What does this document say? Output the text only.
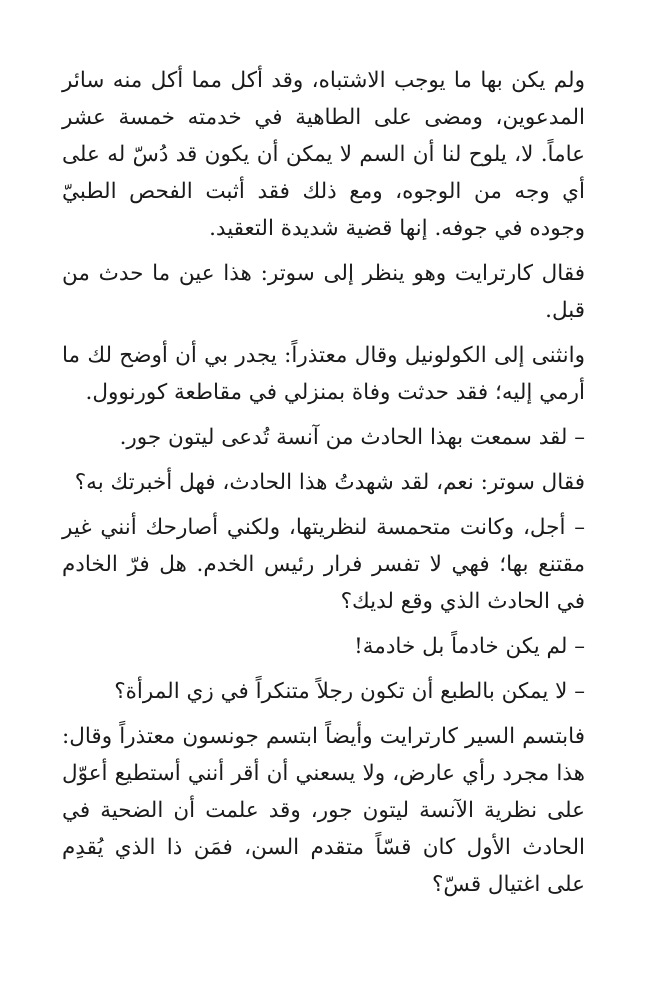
ولم يكن بها ما يوجب الاشتباه، وقد أكل مما أكل منه سائر المدعوين، ومضى على الطاهية في خدمته خمسة عشر عاماً. لا، يلوح لنا أن السم لا يمكن أن يكون قد دُسّ له على أي وجه من الوجوه، ومع ذلك فقد أثبت الفحص الطبيّ وجوده في جوفه. إنها قضية شديدة التعقيد.

فقال كارترايت وهو ينظر إلى سوتر: هذا عين ما حدث من قبل.

وانثنى إلى الكولونيل وقال معتذراً: يجدر بي أن أوضح لك ما أرمي إليه؛ فقد حدثت وفاة بمنزلي في مقاطعة كورنوول.

– لقد سمعت بهذا الحادث من آنسة تُدعى ليتون جور.

فقال سوتر: نعم، لقد شهدتُ هذا الحادث، فهل أخبرتك به؟

– أجل، وكانت متحمسة لنظريتها، ولكني أصارحك أنني غير مقتنع بها؛ فهي لا تفسر فرار رئيس الخدم. هل فرّ الخادم في الحادث الذي وقع لديك؟

– لم يكن خادماً بل خادمة!

– لا يمكن بالطبع أن تكون رجلاً متنكراً في زي المرأة؟

فابتسم السير كارترايت وأيضاً ابتسم جونسون معتذراً وقال: هذا مجرد رأي عارض، ولا يسعني أن أقر أنني أستطيع أعوّل على نظرية الآنسة ليتون جور، وقد علمت أن الضحية في الحادث الأول كان قسّاً متقدم السن، فمَن ذا الذي يُقدِم على اغتيال قسّ؟
